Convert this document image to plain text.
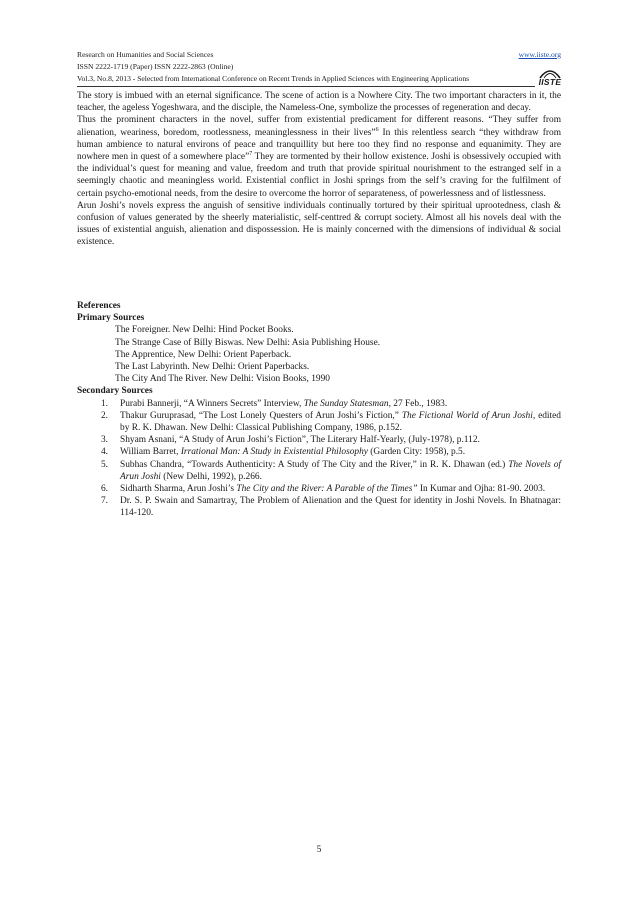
Research on Humanities and Social Sciences	www.iiste.org
ISSN 2222-1719 (Paper) ISSN 2222-2863 (Online)
Vol.3, No.8, 2013 - Selected from International Conference on Recent Trends in Applied Sciences with Engineering Applications	IISTE

The story is imbued with an eternal significance. The scene of action is a Nowhere City. The two important characters in it, the teacher, the ageless Yogeshwara, and the disciple, the Nameless-One, symbolize the processes of regeneration and decay.

Thus the prominent characters in the novel, suffer from existential predicament for different reasons. “They suffer from alienation, weariness, boredom, rootlessness, meaninglessness in their lives”$^6$ In this relentless search “they withdraw from human ambience to natural environs of peace and tranquillity but here too they find no response and equanimity. They are nowhere men in quest of a somewhere place”$^7$ They are tormented by their hollow existence. Joshi is obsessively occupied with the individual’s quest for meaning and value, freedom and truth that provide spiritual nourishment to the estranged self in a seemingly chaotic and meaningless world. Existential conflict in Joshi springs from the self’s craving for the fulfilment of certain psycho-emotional needs, from the desire to overcome the horror of separateness, of powerlessness and of listlessness.

Arun Joshi’s novels express the anguish of sensitive individuals continually tortured by their spiritual uprootedness, clash & confusion of values generated by the sheerly materialistic, self-centtred & corrupt society. Almost all his novels deal with the issues of existential anguish, alienation and dispossession. He is mainly concerned with the dimensions of individual & social existence.

References

Primary Sources

The Foreigner. New Delhi: Hind Pocket Books.

The Strange Case of Billy Biswas. New Delhi: Asia Publishing House.

The Apprentice, New Delhi: Orient Paperback.

The Last Labyrinth. New Delhi: Orient Paperbacks.

The City And The River. New Delhi: Vision Books, 1990

Secondary Sources

1. Purabi Bannerji, “A Winners Secrets” Interview, The Sunday Statesman, 27 Feb., 1983.
2. Thakur Guruprasad, “The Lost Lonely Questers of Arun Joshi’s Fiction,” The Fictional World of Arun Joshi, edited by R. K. Dhawan. New Delhi: Classical Publishing Company, 1986, p.152.
3. Shyam Asnani, “A Study of Arun Joshi’s Fiction”, The Literary Half-Yearly, (July-1978), p.112.
4. William Barret, Irrational Man: A Study in Existential Philosophy (Garden City: 1958), p.5.
5. Subhas Chandra, “Towards Authenticity: A Study of The City and the River,” in R. K. Dhawan (ed.) The Novels of Arun Joshi (New Delhi, 1992), p.266.
6. Sidharth Sharma, Arun Joshi’s The City and the River: A Parable of the Times” In Kumar and Ojha: 81-90. 2003.
7. Dr. S. P. Swain and Samartray, The Problem of Alienation and the Quest for identity in Joshi Novels. In Bhatnagar: 114-120.
5
